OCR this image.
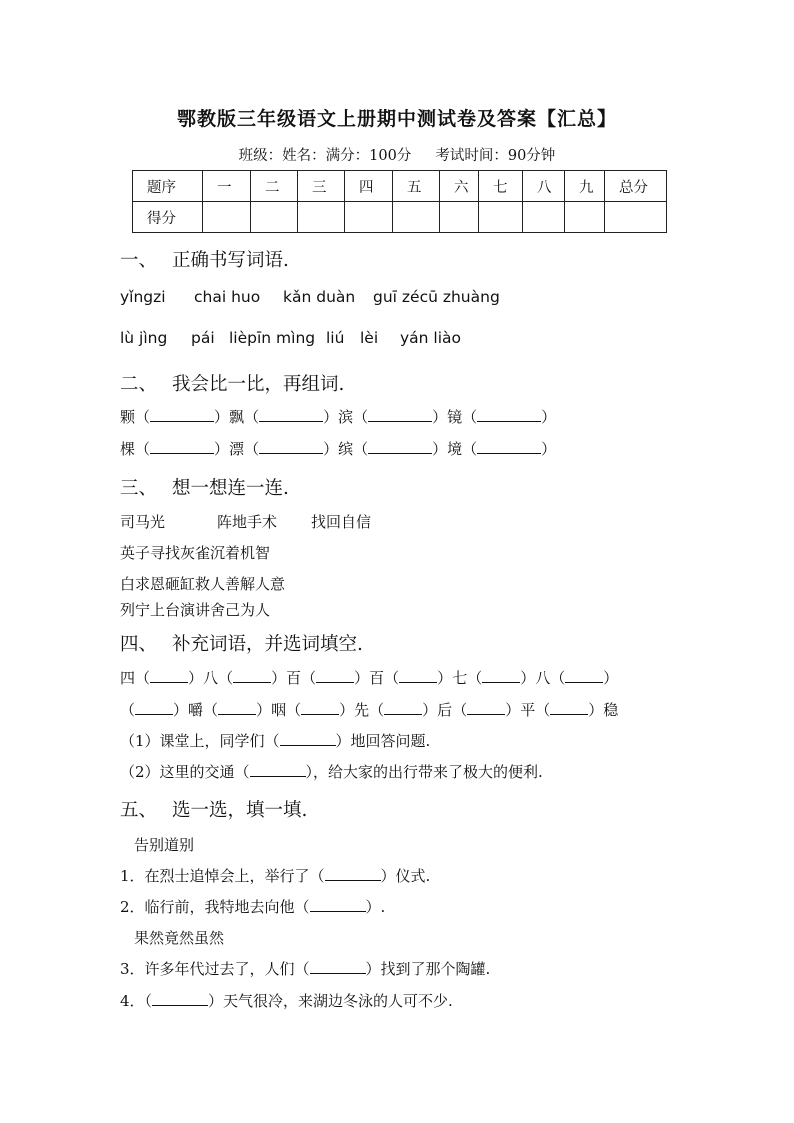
鄂教版三年级语文上册期中测试卷及答案【汇总】
班级：姓名：满分：100分 考试时间：90分钟
题序	一	二	三	四	五	六	七	八	九	总分
得分										
一、 正确书写词语.
yǐngzi chai huo kǎn duàn guī zécū zhuàng
lù jìng pái lièpīn mìng liú lèi yán liào
二、 我会比一比，再组词.
颗（	）飘（	）滨（	）镜（	）
棵（	）漂（	）缤（	）境（	）
三、 想一想连一连.
司马光	阵地手术 找回自信
英子寻找灰雀沉着机智
白求恩砸缸救人善解人意
列宁上台演讲舍己为人
四、 补充词语，并选词填空.
四（	）八（	）百（	）百（	）七（	）八（	）
（	）嚼（	）咽（	）先（	）后（	）平（	）稳
（1）课堂上，同学们（	）地回答问题.
（2）这里的交通（	），给大家的出行带来了极大的便利.
五、 选一选，填一填.
告别道别
1．在烈士追悼会上，举行了（	）仪式.
2．临行前，我特地去向他（	）.
果然竟然虽然
3．许多年代过去了，人们（	）找到了那个陶罐.
4．（	）天气很冷，来湖边冬泳的人可不少.
